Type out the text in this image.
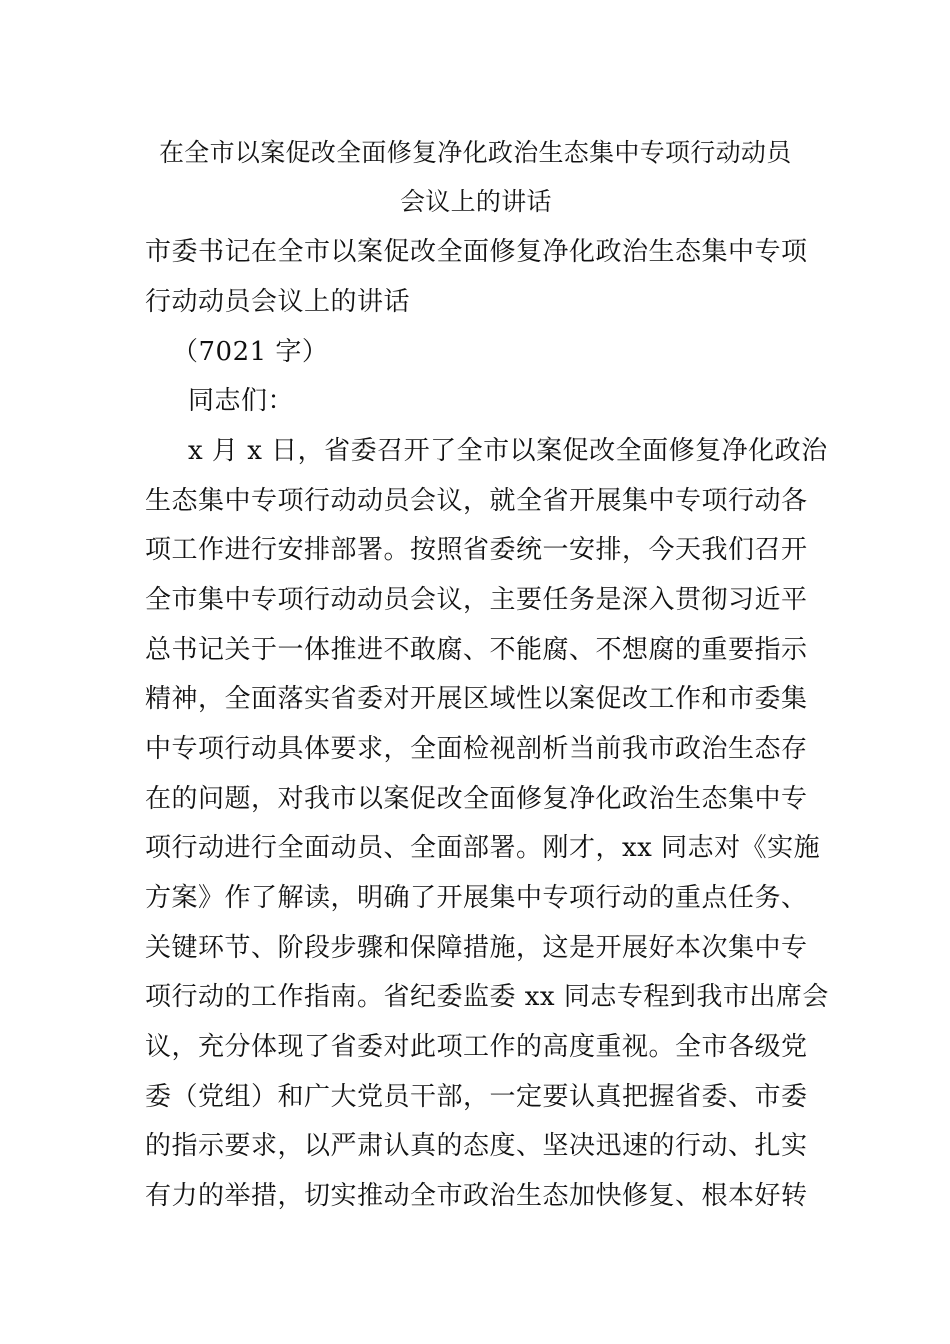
在全市以案促改全面修复净化政治生态集中专项行动动员
会议上的讲话
市委书记在全市以案促改全面修复净化政治生态集中专项
行动动员会议上的讲话
（7021 字）
同志们：
x 月 x 日，省委召开了全市以案促改全面修复净化政治
生态集中专项行动动员会议，就全省开展集中专项行动各
项工作进行安排部署。按照省委统一安排，今天我们召开
全市集中专项行动动员会议，主要任务是深入贯彻习近平
总书记关于一体推进不敢腐、不能腐、不想腐的重要指示
精神，全面落实省委对开展区域性以案促改工作和市委集
中专项行动具体要求，全面检视剖析当前我市政治生态存
在的问题，对我市以案促改全面修复净化政治生态集中专
项行动进行全面动员、全面部署。刚才，xx 同志对《实施
方案》作了解读，明确了开展集中专项行动的重点任务、
关键环节、阶段步骤和保障措施，这是开展好本次集中专
项行动的工作指南。省纪委监委 xx 同志专程到我市出席会
议，充分体现了省委对此项工作的高度重视。全市各级党
委（党组）和广大党员干部，一定要认真把握省委、市委
的指示要求，以严肃认真的态度、坚决迅速的行动、扎实
有力的举措，切实推动全市政治生态加快修复、根本好转
